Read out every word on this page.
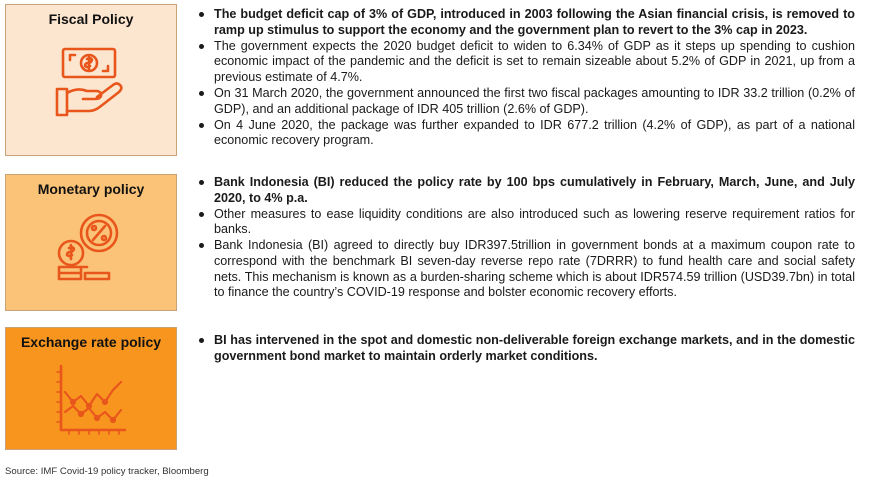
Fiscal Policy
Monetary policy
Exchange rate policy
The budget deficit cap of 3% of GDP, introduced in 2003 following the Asian financial crisis, is removed to ramp up stimulus to support the economy and the government plan to revert to the 3% cap in 2023.
The government expects the 2020 budget deficit to widen to 6.34% of GDP as it steps up spending to cushion economic impact of the pandemic and the deficit is set to remain sizeable about 5.2% of GDP in 2021, up from a previous estimate of 4.7%.
On 31 March 2020, the government announced the first two fiscal packages amounting to IDR 33.2 trillion (0.2% of GDP), and an additional package of IDR 405 trillion (2.6% of GDP).
On 4 June 2020, the package was further expanded to IDR 677.2 trillion (4.2% of GDP), as part of a national economic recovery program.
Bank Indonesia (BI) reduced the policy rate by 100 bps cumulatively in February, March, June, and July 2020, to 4% p.a.
Other measures to ease liquidity conditions are also introduced such as lowering reserve requirement ratios for banks.
Bank Indonesia (BI) agreed to directly buy IDR397.5trillion in government bonds at a maximum coupon rate to correspond with the benchmark BI seven-day reverse repo rate (7DRRR) to fund health care and social safety nets. This mechanism is known as a burden-sharing scheme which is about IDR574.59 trillion (USD39.7bn) in total to finance the country’s COVID-19 response and bolster economic recovery efforts.
BI has intervened in the spot and domestic non-deliverable foreign exchange markets, and in the domestic government bond market to maintain orderly market conditions.
Source: IMF Covid-19 policy tracker, Bloomberg
